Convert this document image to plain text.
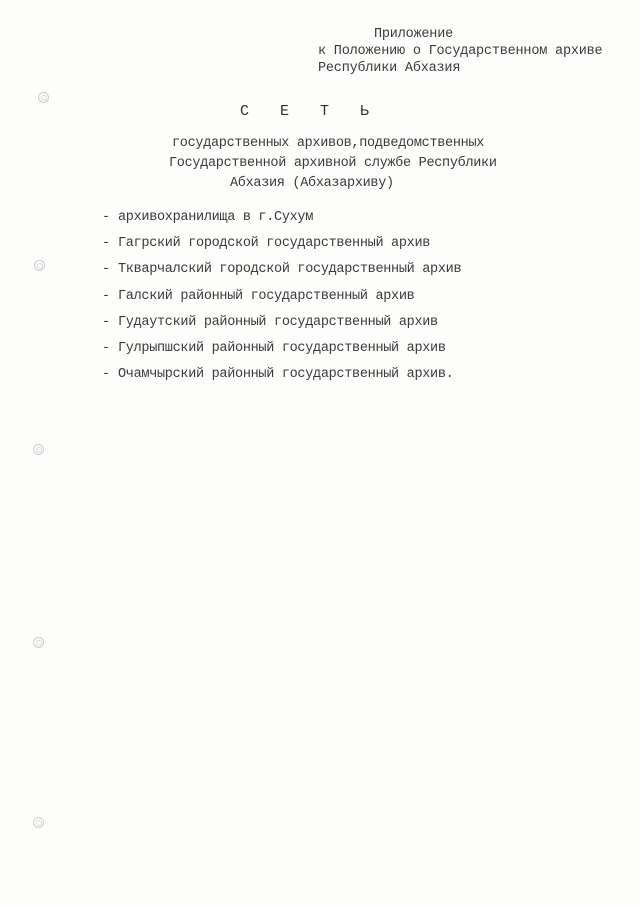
Приложение
к Положению о Государственном архиве
Республики Абхазия
С Е Т Ь
государственных архивов,подведомственных
Государственной архивной службе Республики
Абхазия (Абхазархиву)
- архивохранилища в г.Сухум
- Гагрский городской государственный архив
- Ткварчалский городской государственный архив
- Галский районный государственный архив
- Гудаутский районный государственный архив
- Гулрыпшский районный государственный архив
- Очамчырский районный государственный архив.
